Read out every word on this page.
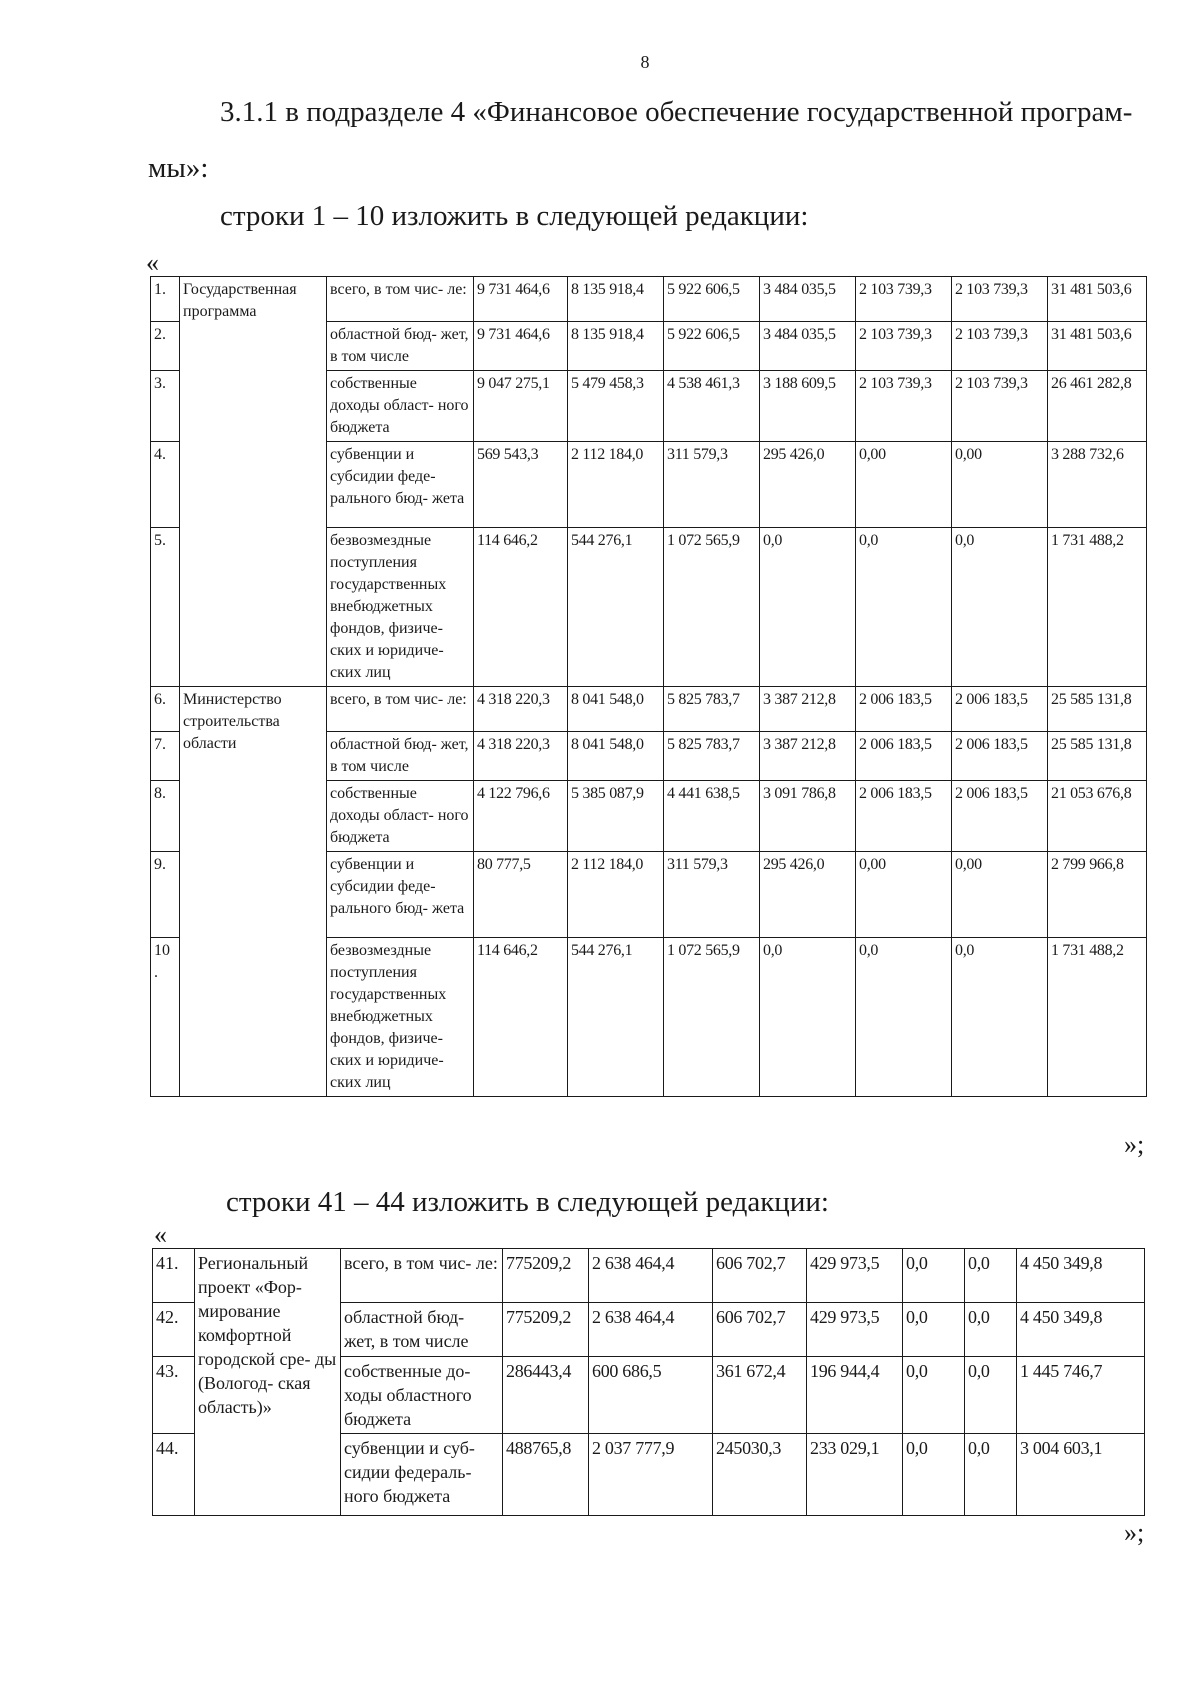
8
3.1.1 в подразделе 4 «Финансовое обеспечение государственной програм-
мы»:
строки 1 – 10 изложить в следующей редакции:
«
1.	Государственная программа	всего, в том чис- ле:	9 731 464,6	8 135 918,4	5 922 606,5	3 484 035,5	2 103 739,3	2 103 739,3	31 481 503,6
2.		областной бюд- жет, в том числе	9 731 464,6	8 135 918,4	5 922 606,5	3 484 035,5	2 103 739,3	2 103 739,3	31 481 503,6
3.		собственные доходы област- ного бюджета	9 047 275,1	5 479 458,3	4 538 461,3	3 188 609,5	2 103 739,3	2 103 739,3	26 461 282,8
4.		субвенции и субсидии феде- рального бюд- жета	569 543,3	2 112 184,0	311 579,3	295 426,0	0,00	0,00	3 288 732,6
5.		безвозмездные поступления государственных внебюджетных фондов, физиче- ских и юридиче- ских лиц	114 646,2	544 276,1	1 072 565,9	0,0	0,0	0,0	1 731 488,2
6.	Министерство строительства области	всего, в том чис- ле:	4 318 220,3	8 041 548,0	5 825 783,7	3 387 212,8	2 006 183,5	2 006 183,5	25 585 131,8
7.		областной бюд- жет, в том числе	4 318 220,3	8 041 548,0	5 825 783,7	3 387 212,8	2 006 183,5	2 006 183,5	25 585 131,8
8.		собственные доходы област- ного бюджета	4 122 796,6	5 385 087,9	4 441 638,5	3 091 786,8	2 006 183,5	2 006 183,5	21 053 676,8
9.		субвенции и субсидии феде- рального бюд- жета	80 777,5	2 112 184,0	311 579,3	295 426,0	0,00	0,00	2 799 966,8
10 .		безвозмездные поступления государственных внебюджетных фондов, физиче- ских и юридиче- ских лиц	114 646,2	544 276,1	1 072 565,9	0,0	0,0	0,0	1 731 488,2
»;
строки 41 – 44 изложить в следующей редакции:
«
41.	Региональный проект «Фор- мирование комфортной городской сре- ды (Вологод- ская область)»	всего, в том чис- ле:	775209,2	2 638 464,4	606 702,7	429 973,5	0,0	0,0	4 450 349,8
42.		областной бюд- жет, в том числе	775209,2	2 638 464,4	606 702,7	429 973,5	0,0	0,0	4 450 349,8
43.		собственные до- ходы областного бюджета	286443,4	600 686,5	361 672,4	196 944,4	0,0	0,0	1 445 746,7
44.		субвенции и суб- сидии федераль- ного бюджета	488765,8	2 037 777,9	245030,3	233 029,1	0,0	0,0	3 004 603,1
»;
